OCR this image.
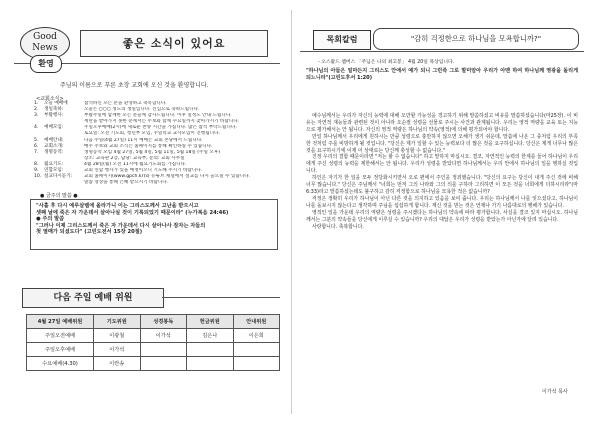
Good
News	좋은 소식이 있어요
환영
주님의 이름으로 푸른 초장 교회에 오신 것을 환영합니다.
<교회소식>
1.	오늘 예배에	참석하신 모든 분을 환영하고 축복합니다.
2.	생일축하:	오늘은 ○○○ 성도의 생일입니다. 진심으로 축하드립니다.
3.	부활행사:	부활주일에 함께한 모든 분들께 감사드립니다. 이후 일정도 안내 드립니다.
계란을 받아가지 못한 분께서는 주보와 함께 수요일까지 찾아가시기 바랍니다.
4.	예배모임:	주일오후예배(2시)에 새로운 찬양 시간을 가집니다. 많은 참석 부탁드립니다.
토요일: 오전 기도회, 청년부 모임, 주일학교 교사모임이 진행됩니다.
5.	예배안내:	다음 주일(4월 27일) 11시 예배는 교회 본당에서 드립니다.
6.	교회소개:	매주 주보와 교회 소식은 홈페이지를 통해 확인하실 수 있습니다.
7.	생명동역:	생명동역 모임 4월 27일, 5월 4일, 5월 11일, 5월 18일 (주일 오후)
장소: 교육관 2층, 담당: 교육부, 문의: 교회 사무실
8.	월요기도:	4월 28일(월) 오전 11시에 월요기도회를 가집니다.
9.	연합모임:	교회 연합 행사가 있을 예정이오니 기도해 주시기 바랍니다.
10. 설교다시듣기:	교회 홈페이지(www.gpch.kr)와 유튜브 채널에서 설교를 다시 들으실 수 있습니다.
말씀 영상을 통해 은혜 받으시기 바랍니다.
● 금주의 말씀 ●
"사흘 후 다시 예루살렘에 올라가니 이는 그리스도께서 고난을 받으시고
셋째 날에 죽은 자 가운데서 살아나실 것이 기록되었기 때문이라" (누가복음 24:46)
● 주의 말씀
"그러나 이제 그리스도께서 죽은 자 가운데서 다시 살아나사 잠자는 자들의
첫 열매가 되셨도다" (고린도전서 15장 20절)
다음 주일 예배 위원
4월 27일 예배위원	기도위원	성경봉독	헌금위원	안내위원
주일오전예배	이광철	이가석	김은나	이은희
주일오후예배	이가석			
수요예배(4.30)	이란송			
목회칼럼	"감히 걱정한으로 하나님을 모욕합니까?"
- 오스왈드 챔버스 「주님은 나의 최고봉」 4월 20일 묵상입니다.
"하나님의 아들은 얼마든지 그리스도 안에서 예가 되니 그런즉 그로 말미암아 우리가 아멘 하여 하나님께 영광을 돌리게 되느니라"(고린도후서 1:20)

예수님께서는 우리가 자신의 능력에 대해 오만할 가능성을 경고하기 위해 말씀하셨고 비유를 말씀하셨습니다(마25장). 이 비유는 자연적 재능들과 관련된 것이 아니라 오순절 성령을 선물로 주시는 사건과 관계됩니다. 우리는 영적 역량을 교육 또는 지능으로 평가해서는 안 됩니다. 자신의 영적 역량은 하나님의 약속(영적)에 의해 평가되어야 합니다.

만일 하나님께서 우리에게 원하시는 만큼 성령으로 충만하지 않으면 오해가 생기 쉬운데, 말씀에 나온 그 종처럼 우리의 부족한 것처럼 주를 비방하게 될 것입니다. "당신은 제가 일할 수 있는 능력보다 더 많은 것을 요구하십니다. 당신은 제게 너무나 많은 것을 요구하시기에 이제 이 상태로는 당신께 충성할 수 없습니다."

진정 우리의 결함 때문이라면 "저는 할 수 없습니다" 하고 말하지 마십시오. 결코, 자연적인 능력의 한계를 들어 하나님이 우리에게 주신 성령의 능력을 제한해서는 안 됩니다. 우리가 성령을 받았다면 하나님께서는 우리 안에서 하나님의 일을 행하실 것입니다.

하인은 자기가 한 일을 모두 정당화시키면서 오로 편에서 주인을 정죄했습니다. "당신의 요구는 당신이 내게 주신 것에 비해 너무 많습니다." 당신은 주님께서 "너희는 먼저 그의 나라와 그의 의를 구하라 그리하면 이 모든 것을 너희에게 더하시리라"(마6:33)라고 말씀하셨는데도 불구하고 감히 걱정함으로 하나님을 모욕한 적은 없습니까?

걱정은 정확히 우리가 하나님이 아닌 다른 것을 의지하고 있음을 보여 줍니다. 우리는 하나님께서 나를 잊으셨다고, 하나님이 나를 돌보시지 않는다고 생각하며 주님을 섭섭하게 합니다. 계신 것을 믿는 것은 언제나 가기 나름대로의 행해가 있습니다.

영적인 일을 가운데 우리의 역량은 성령을 주시겠다는 하나님의 약속에 따라 평가합니다. 사실을 결코 있지 마십시오. 하나님께서는 그분의 약속들을 당신에게 이루실 수 있습니까? 우리의 대답은 우리가 성령을 받았는가 아닌가에 달려 있습니다.

사랑합니다. 축복합니다.

이가석 목사
